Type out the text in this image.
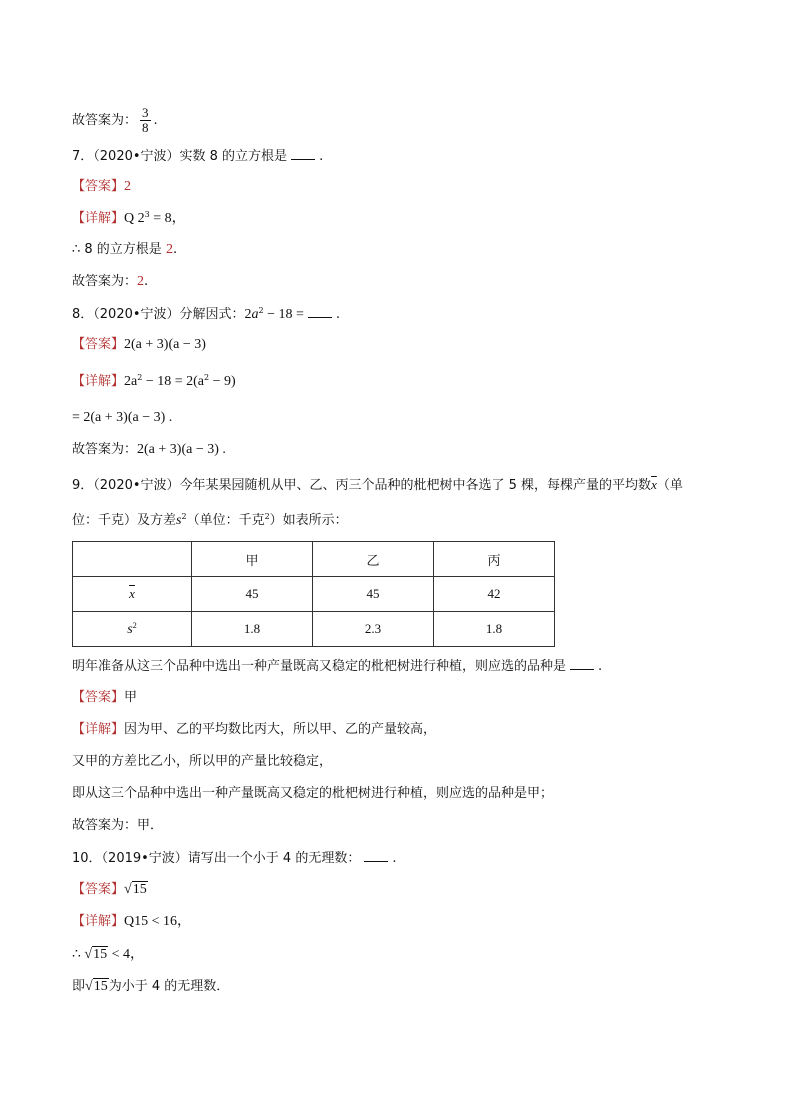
故答案为： $\frac{3}{8}$ .
7．（2020•宁波）实数 8 的立方根是 .
【答案】2
【详解】Q $2^3 = 8$，
∴ 8 的立方根是 2.
故答案为：2.
8．（2020•宁波）分解因式：$2a^2 - 18$ = .
【答案】2(a + 3)(a − 3)
【详解】$2a^2 - 18 = 2(a^2 - 9)$
= 2(a + 3)(a − 3) .
故答案为：2(a + 3)(a − 3) .
9．（2020•宁波）今年某果园随机从甲、乙、丙三个品种的枇杷树中各选了 5 棵，每棵产量的平均数$\overline{x}$（单
位：千克）及方差$s^2$（单位：千克$^2$）如表所示：
	甲	乙	丙
$\overline{x}$	45	45	42
$s^2$	1.8	2.3	1.8
明年准备从这三个品种中选出一种产量既高又稳定的枇杷树进行种植，则应选的品种是 .
【答案】甲
【详解】因为甲、乙的平均数比丙大，所以甲、乙的产量较高，
又甲的方差比乙小，所以甲的产量比较稳定，
即从这三个品种中选出一种产量既高又稳定的枇杷树进行种植，则应选的品种是甲；
故答案为：甲．
10．（2019•宁波）请写出一个小于 4 的无理数： .
【答案】√15
【详解】Q15 < 16，
∴ √15 < 4，
即√15为小于 4 的无理数．
